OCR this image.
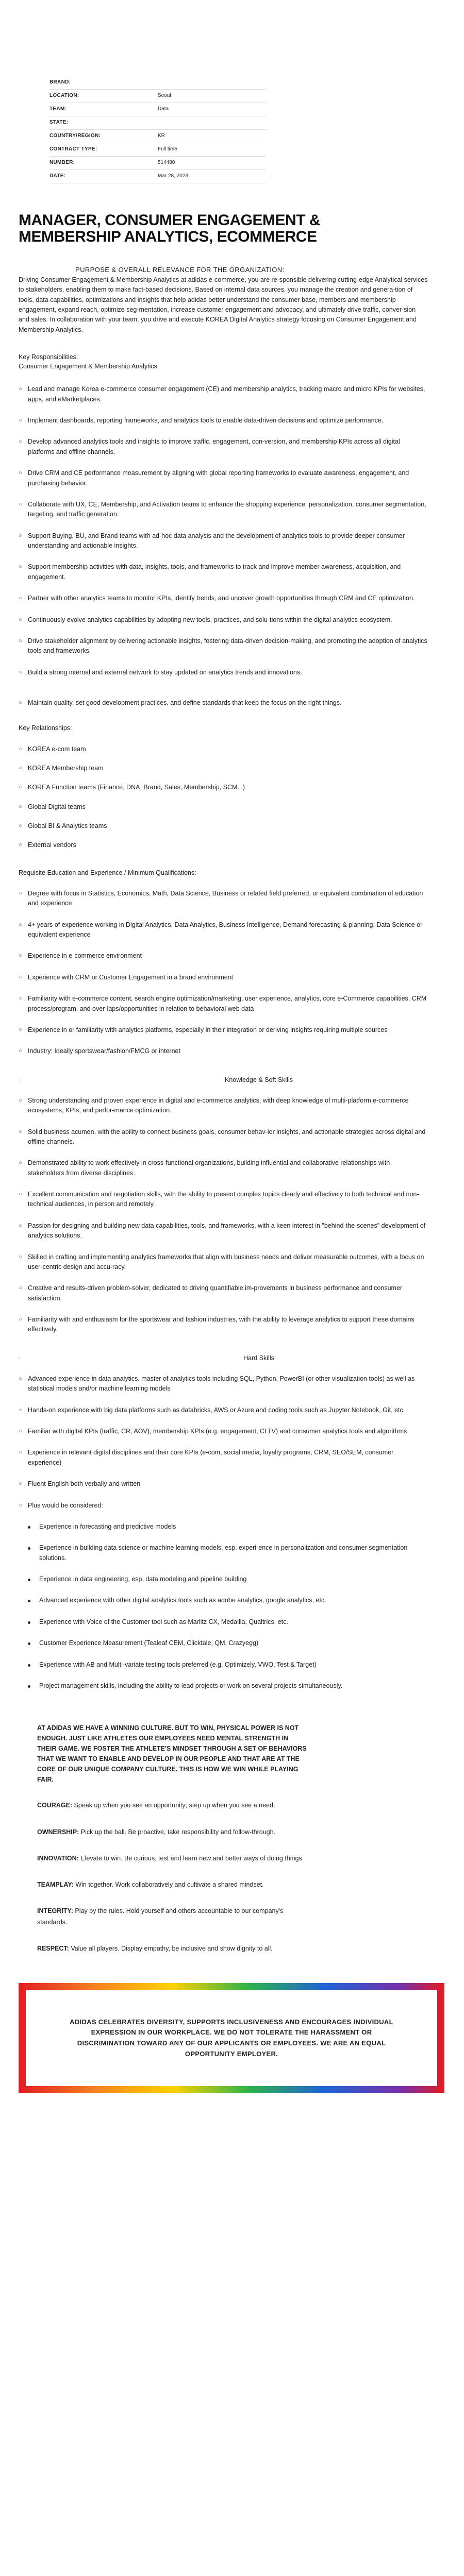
BRAND:
LOCATION:	Seoul
TEAM:	Data
STATE:
COUNTRY/REGION:	KR
CONTRACT TYPE:	Full time
NUMBER:	514480
DATE:	Mar 28, 2023
MANAGER, CONSUMER ENGAGEMENT & MEMBERSHIP ANALYTICS, ECOMMERCE
PURPOSE & OVERALL RELEVANCE FOR THE ORGANIZATION:

Driving Consumer Engagement & Membership Analytics at adidas e-commerce, you are re-sponsible delivering cutting-edge Analytical services to stakeholders, enabling them to make fact-based decisions. Based on internal data sources, you manage the creation and genera-tion of tools, data capabilities, optimizations and insights that help adidas better understand the consumer base, members and membership engagement, expand reach, optimize seg-mentation, increase customer engagement and advocacy, and ultimately drive traffic, conver-sion and sales. In collaboration with your team, you drive and execute KOREA Digital Analytics strategy focusing on Consumer Engagement and Membership Analytics.

Key Responsibilities:
Consumer Engagement & Membership Analytics:
○ Lead and manage Korea e-commerce consumer engagement (CE) and membership analytics, tracking macro and micro KPIs for websites, apps, and eMarketplaces.
○ Implement dashboards, reporting frameworks, and analytics tools to enable data-driven decisions and optimize performance.
○ Develop advanced analytics tools and insights to improve traffic, engagement, con-version, and membership KPIs across all digital platforms and offline channels.
○ Drive CRM and CE performance measurement by aligning with global reporting frameworks to evaluate awareness, engagement, and purchasing behavior.
○ Collaborate with UX, CE, Membership, and Activation teams to enhance the shopping experience, personalization, consumer segmentation, targeting, and traffic generation.
○ Support Buying, BU, and Brand teams with ad-hoc data analysis and the development of analytics tools to provide deeper consumer understanding and actionable insights.
○ Support membership activities with data, insights, tools, and frameworks to track and improve member awareness, acquisition, and engagement.
○ Partner with other analytics teams to monitor KPIs, identify trends, and uncover growth opportunities through CRM and CE optimization.
○ Continuously evolve analytics capabilities by adopting new tools, practices, and solu-tions within the digital analytics ecosystem.
○ Drive stakeholder alignment by delivering actionable insights, fostering data-driven decision-making, and promoting the adoption of analytics tools and frameworks.
○ Build a strong internal and external network to stay updated on analytics trends and innovations.
○ Maintain quality, set good development practices, and define standards that keep the focus on the right things.
Key Relationships:
○ KOREA e-com team
○ KOREA Membership team
○ KOREA Function teams (Finance, DNA, Brand, Sales, Membership, SCM...)
○ Global Digital teams
○ Global BI & Analytics teams
○ External vendors
Requisite Education and Experience / Minimum Qualifications:
○ Degree with focus in Statistics, Economics, Math, Data Science, Business or related field preferred, or equivalent combination of education and experience
○ 4+ years of experience working in Digital Analytics, Data Analytics, Business Intelligence, Demand forecasting & planning, Data Science or equivalent experience
○ Experience in e-commerce environment
○ Experience with CRM or Customer Engagement in a brand environment
○ Familiarity with e-commerce content, search engine optimization/marketing, user experience, analytics, core e-Commerce capabilities, CRM process/program, and over-laps/opportunities in relation to behavioral web data
○ Experience in or familiarity with analytics platforms, especially in their integration or deriving insights requiring multiple sources
○ Industry: Ideally sportswear/fashion/FMCG or internet
·	Knowledge & Soft Skills
○ Strong understanding and proven experience in digital and e-commerce analytics, with deep knowledge of multi-platform e-commerce ecosystems, KPIs, and perfor-mance optimization.
○ Solid business acumen, with the ability to connect business goals, consumer behav-ior insights, and actionable strategies across digital and offline channels.
○ Demonstrated ability to work effectively in cross-functional organizations, building influential and collaborative relationships with stakeholders from diverse disciplines.
○ Excellent communication and negotiation skills, with the ability to present complex topics clearly and effectively to both technical and non-technical audiences, in person and remotely.
○ Passion for designing and building new data capabilities, tools, and frameworks, with a keen interest in "behind-the-scenes" development of analytics solutions.
○ Skilled in crafting and implementing analytics frameworks that align with business needs and deliver measurable outcomes, with a focus on user-centric design and accu-racy.
○ Creative and results-driven problem-solver, dedicated to driving quantifiable im-provements in business performance and consumer satisfaction.
○ Familiarity with and enthusiasm for the sportswear and fashion industries, with the ability to leverage analytics to support these domains effectively.
·	Hard Skills
○ Advanced experience in data analytics, master of analytics tools including SQL, Python, PowerBI (or other visualization tools) as well as statistical models and/or machine learning models
○ Hands-on experience with big data platforms such as databricks, AWS or Azure and coding tools such as Jupyter Notebook, Git, etc.
○ Familiar with digital KPIs (traffic, CR, AOV), membership KPIs (e.g. engagement, CLTV) and consumer analytics tools and algorithms
○ Experience in relevant digital disciplines and their core KPIs (e-com, social media, loyalty programs, CRM, SEO/SEM, consumer experience)
○ Fluent English both verbally and written
○ Plus would be considered:
Experience in forecasting and predictive models
Experience in building data science or machine learning models, esp. experi-ence in personalization and consumer segmentation solutions.
Experience in data engineering, esp. data modeling and pipeline building
Advanced experience with other digital analytics tools such as adobe analytics, google analytics, etc.
Experience with Voice of the Customer tool such as Marlitz CX, Medallia, Qualtrics, etc.
Customer Experience Measurement (Tealeaf CEM, Clicktale, QM, Crazyegg)
Experience with AB and Multi-variate testing tools preferred (e.g. Optimizely, VWO, Test & Target)
Project management skills, including the ability to lead projects or work on several projects simultaneously.

AT ADIDAS WE HAVE A WINNING CULTURE. BUT TO WIN, PHYSICAL POWER IS NOT ENOUGH. JUST LIKE ATHLETES OUR EMPLOYEES NEED MENTAL STRENGTH IN THEIR GAME. WE FOSTER THE ATHLETE'S MINDSET THROUGH A SET OF BEHAVIORS THAT WE WANT TO ENABLE AND DEVELOP IN OUR PEOPLE AND THAT ARE AT THE CORE OF OUR UNIQUE COMPANY CULTURE. THIS IS HOW WE WIN WHILE PLAYING FAIR.

COURAGE: Speak up when you see an opportunity; step up when you see a need.
OWNERSHIP: Pick up the ball. Be proactive, take responsibility and follow-through.
INNOVATION: Elevate to win. Be curious, test and learn new and better ways of doing things.
TEAMPLAY: Win together. Work collaboratively and cultivate a shared mindset.
INTEGRITY: Play by the rules. Hold yourself and others accountable to our company's standards.
RESPECT: Value all players. Display empathy, be inclusive and show dignity to all.

ADIDAS CELEBRATES DIVERSITY, SUPPORTS INCLUSIVENESS AND ENCOURAGES INDIVIDUAL EXPRESSION IN OUR WORKPLACE. WE DO NOT TOLERATE THE HARASSMENT OR DISCRIMINATION TOWARD ANY OF OUR APPLICANTS OR EMPLOYEES. WE ARE AN EQUAL OPPORTUNITY EMPLOYER.
